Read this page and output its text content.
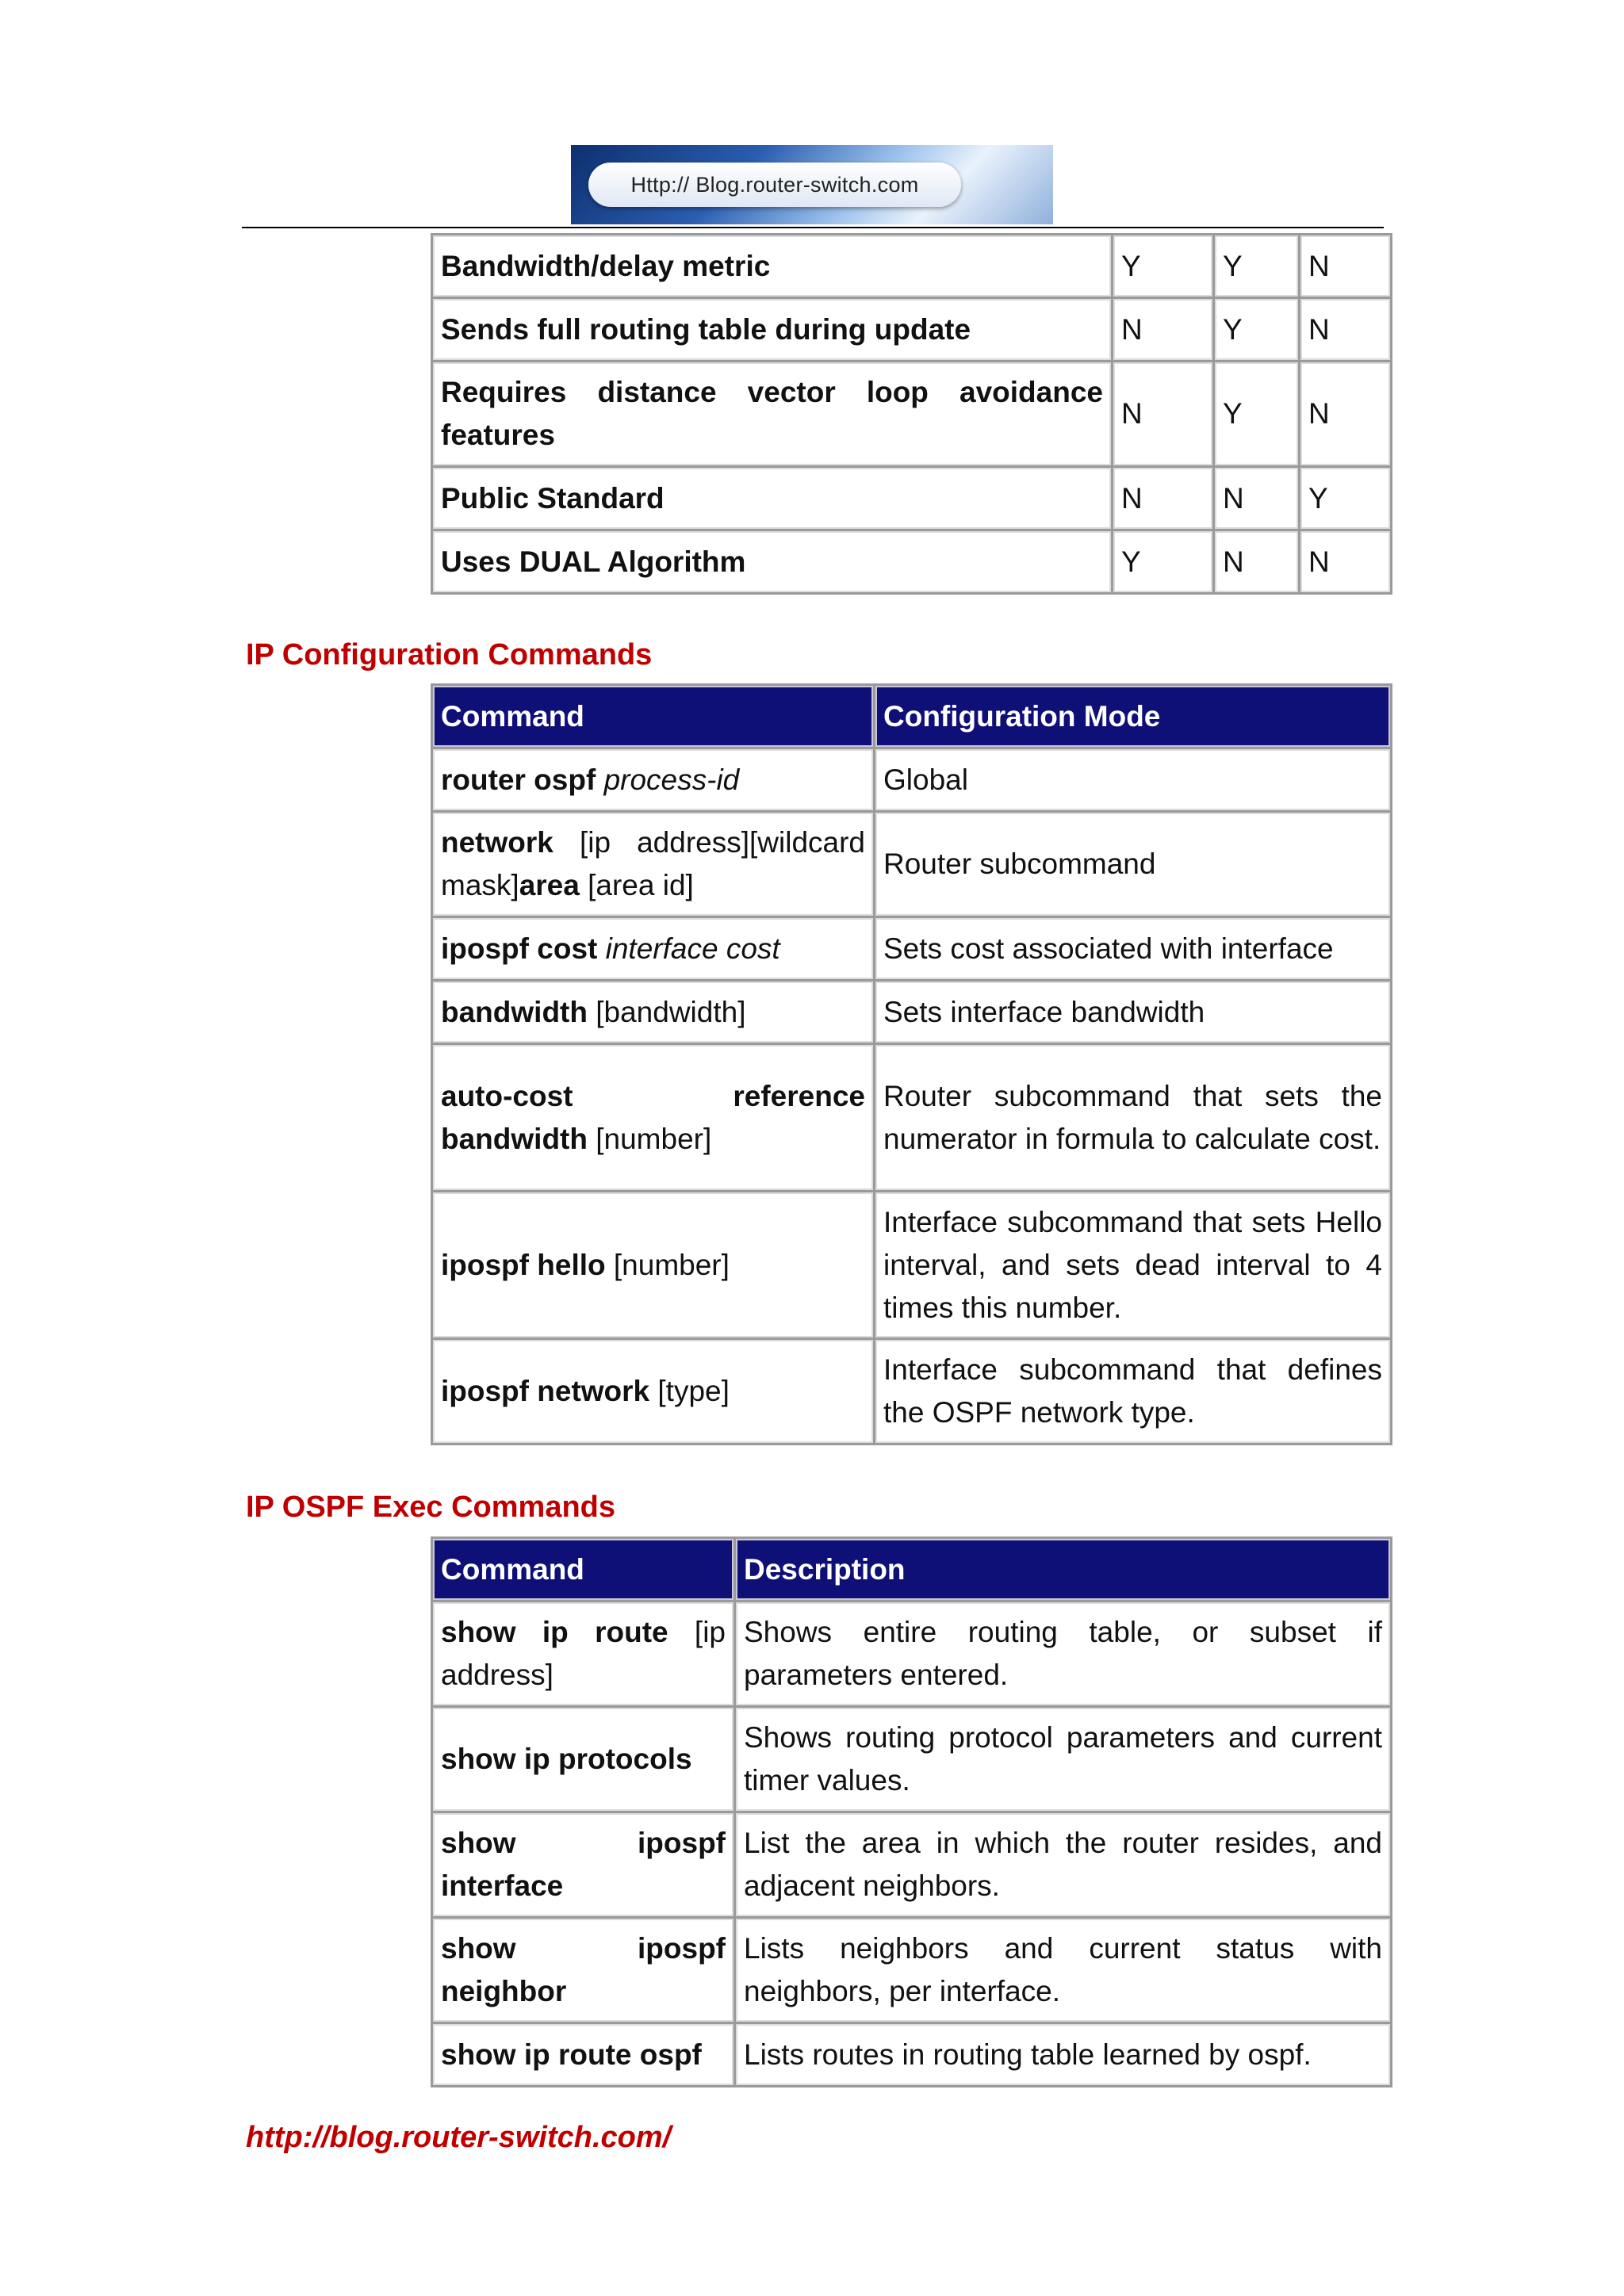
Http:// Blog.router-switch.com
Bandwidth/delay metric	Y	Y	N
Sends full routing table during update	N	Y	N
Requires distance vector loop avoidance features	N	Y	N
Public Standard	N	N	Y
Uses DUAL Algorithm	Y	N	N
IP Configuration Commands
Command	Configuration Mode
router ospf process-id	Global
network [ip address][wildcard mask]area [area id]	Router subcommand
ipospf cost interface cost	Sets cost associated with interface
bandwidth [bandwidth]	Sets interface bandwidth
auto-cost reference bandwidth [number]	Router subcommand that sets the numerator in formula to calculate cost.
ipospf hello [number]	Interface subcommand that sets Hello interval, and sets dead interval to 4 times this number.
ipospf network [type]	Interface subcommand that defines the OSPF network type.
IP OSPF Exec Commands
Command	Description
show ip route [ip address]	Shows entire routing table, or subset if parameters entered.
show ip protocols	Shows routing protocol parameters and current timer values.
show ipospf interface	List the area in which the router resides, and adjacent neighbors.
show ipospf neighbor	Lists neighbors and current status with neighbors, per interface.
show ip route ospf	Lists routes in routing table learned by ospf.
http://blog.router-switch.com/
